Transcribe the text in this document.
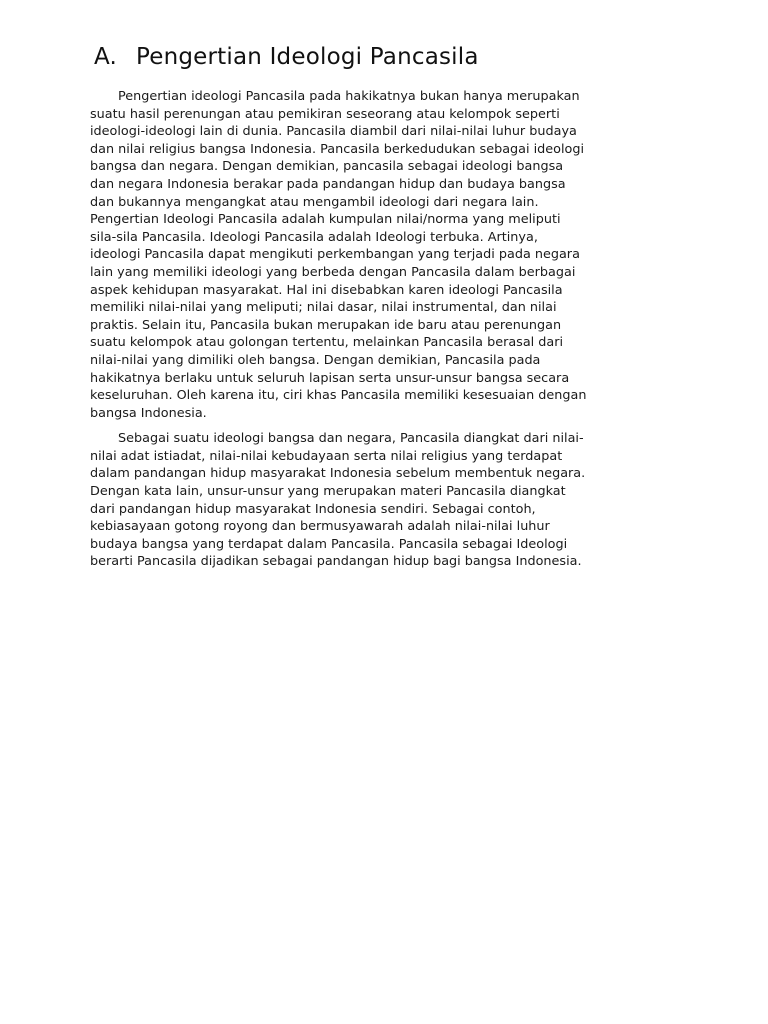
A. Pengertian Ideologi Pancasila

Pengertian ideologi Pancasila pada hakikatnya bukan hanya merupakan
suatu hasil perenungan atau pemikiran seseorang atau kelompok seperti
ideologi-ideologi lain di dunia. Pancasila diambil dari nilai-nilai luhur budaya
dan nilai religius bangsa Indonesia. Pancasila berkedudukan sebagai ideologi
bangsa dan negara. Dengan demikian, pancasila sebagai ideologi bangsa
dan negara Indonesia berakar pada pandangan hidup dan budaya bangsa
dan bukannya mengangkat atau mengambil ideologi dari negara lain.
Pengertian Ideologi Pancasila adalah kumpulan nilai/norma yang meliputi
sila-sila Pancasila. Ideologi Pancasila adalah Ideologi terbuka. Artinya,
ideologi Pancasila dapat mengikuti perkembangan yang terjadi pada negara
lain yang memiliki ideologi yang berbeda dengan Pancasila dalam berbagai
aspek kehidupan masyarakat. Hal ini disebabkan karen ideologi Pancasila
memiliki nilai-nilai yang meliputi; nilai dasar, nilai instrumental, dan nilai
praktis. Selain itu, Pancasila bukan merupakan ide baru atau perenungan
suatu kelompok atau golongan tertentu, melainkan Pancasila berasal dari
nilai-nilai yang dimiliki oleh bangsa. Dengan demikian, Pancasila pada
hakikatnya berlaku untuk seluruh lapisan serta unsur-unsur bangsa secara
keseluruhan. Oleh karena itu, ciri khas Pancasila memiliki kesesuaian dengan
bangsa Indonesia.

Sebagai suatu ideologi bangsa dan negara, Pancasila diangkat dari nilai-
nilai adat istiadat, nilai-nilai kebudayaan serta nilai religius yang terdapat
dalam pandangan hidup masyarakat Indonesia sebelum membentuk negara.
Dengan kata lain, unsur-unsur yang merupakan materi Pancasila diangkat
dari pandangan hidup masyarakat Indonesia sendiri. Sebagai contoh,
kebiasayaan gotong royong dan bermusyawarah adalah nilai-nilai luhur
budaya bangsa yang terdapat dalam Pancasila. Pancasila sebagai Ideologi
berarti Pancasila dijadikan sebagai pandangan hidup bagi bangsa Indonesia.
